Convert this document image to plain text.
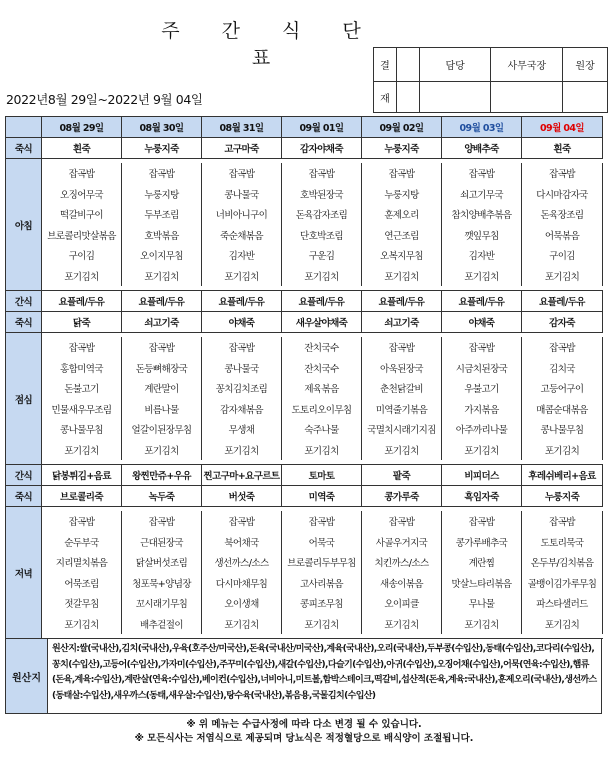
주 간 식 단 표	결		담당	사무국장	원장
재				
2022년8월 29일~2022년 9월 04일
	08월 29일	08월 30일	08월 31일	09월 01일	09월 02일	09월 03일	09월 04일
죽식	흰죽	누룽지죽	고구마죽	감자야채죽	누룽지죽	양배추죽	흰죽
아침							
	잡곡밥	잡곡밥	잡곡밥	잡곡밥	잡곡밥	잡곡밥	잡곡밥
	오징어무국	누룽지탕	콩나물국	호박된장국	누룽지탕	쇠고기무국	다시마감자국
	떡갈비구이	두부조림	너비아니구이	돈육감자조림	훈제오리	참치양배추볶음	돈육장조림
	브로콜리맛살볶음	호박볶음	죽순채볶음	단호박조림	연근조림	깻잎무침	어묵볶음
	구이김	오이지무침	김자반	구운김	오복지무침	김자반	구이김
	포기김치	포기김치	포기김치	포기김치	포기김치	포기김치	포기김치

간식	요플레/두유	요플레/두유	요플레/두유	요플레/두유	요플레/두유	요플레/두유	요플레/두유
죽식	닭죽	쇠고기죽	야채죽	새우살야채죽	쇠고기죽	야채죽	감자죽
점심							
	잡곡밥	잡곡밥	잡곡밥	잔치국수	잡곡밥	잡곡밥	잡곡밥
	홍합미역국	돈등뼈해장국	콩나물국	잔치국수	아욱된장국	시금치된장국	김치국
	돈불고기	계란말이	꽁치김치조림	제육볶음	춘천닭갈비	우불고기	고등어구이
	민물새우무조림	비름나물	감자채볶음	도토리오이무침	미역줄기볶음	가지볶음	매콤순대볶음
	콩나물무침	얼갈이된장무침	무생채	숙주나물	국멸치시래기지짐	아주까리나물	콩나물무침
	포기김치	포기김치	포기김치	포기김치	포기김치	포기김치	포기김치

간식	닭봉튀김+음료	왕찐만쥬+우유	찐고구마+요구르트	토마토	팥죽	비피더스	후레쉬베리+음료
죽식	브로콜리죽	녹두죽	버섯죽	미역죽	콩가루죽	흑임자죽	누룽지죽
저녁							
	잡곡밥	잡곡밥	잡곡밥	잡곡밥	잡곡밥	잡곡밥	잡곡밥
	순두부국	근대된장국	북어채국	어묵국	사골우거지국	콩가루배추국	도토리묵국
	지리멸치볶음	닭살버섯조림	생선까스/소스	브로콜리두부무침	치킨까스/소스	계란찜	온두부/김치볶음
	어묵조림	청포묵+양념장	다시마채무침	고사리볶음	새송이볶음	맛살느타리볶음	골뱅이김가루무침
	젓갈무침	꼬시래기무침	오이생채	콩피조무침	오이피클	무나물	파스타샐러드
	포기김치	배추겉절이	포기김치	포기김치	포기김치	포기김치	포기김치

원산지
원산지:쌀(국내산),김치(국내산),우육(호주산/미국산),돈육(국내산/미국산),계육(국내산),오리(국내산),두부콩(수입산),동태(수입산),코다리(수입산),꽁치(수입산),고등어(수입산),가자미(수입산),주꾸미(수입산),새갈(수입산),다슬기(수입산),아귀(수입산),오징어채(수입산),어묵(연육:수입산),햄류(돈육,계육:수입산),계란살(연육:수입산),베이컨(수입산),너비아니,미트볼,함박스테이크,떡갈비,섭산적(돈육,계육:국내산),훈제오리(국내산),생선까스(동태살:수입산),새우까스(동태,새우살:수입산),탕수육(국내산),볶음용,국물김치(수입산)
※ 위 메뉴는 수급사정에 따라 다소 변경 될 수 있습니다.
※ 모든식사는 저염식으로 제공되며 당뇨식은 적정혈당으로 배식양이 조절됩니다.
